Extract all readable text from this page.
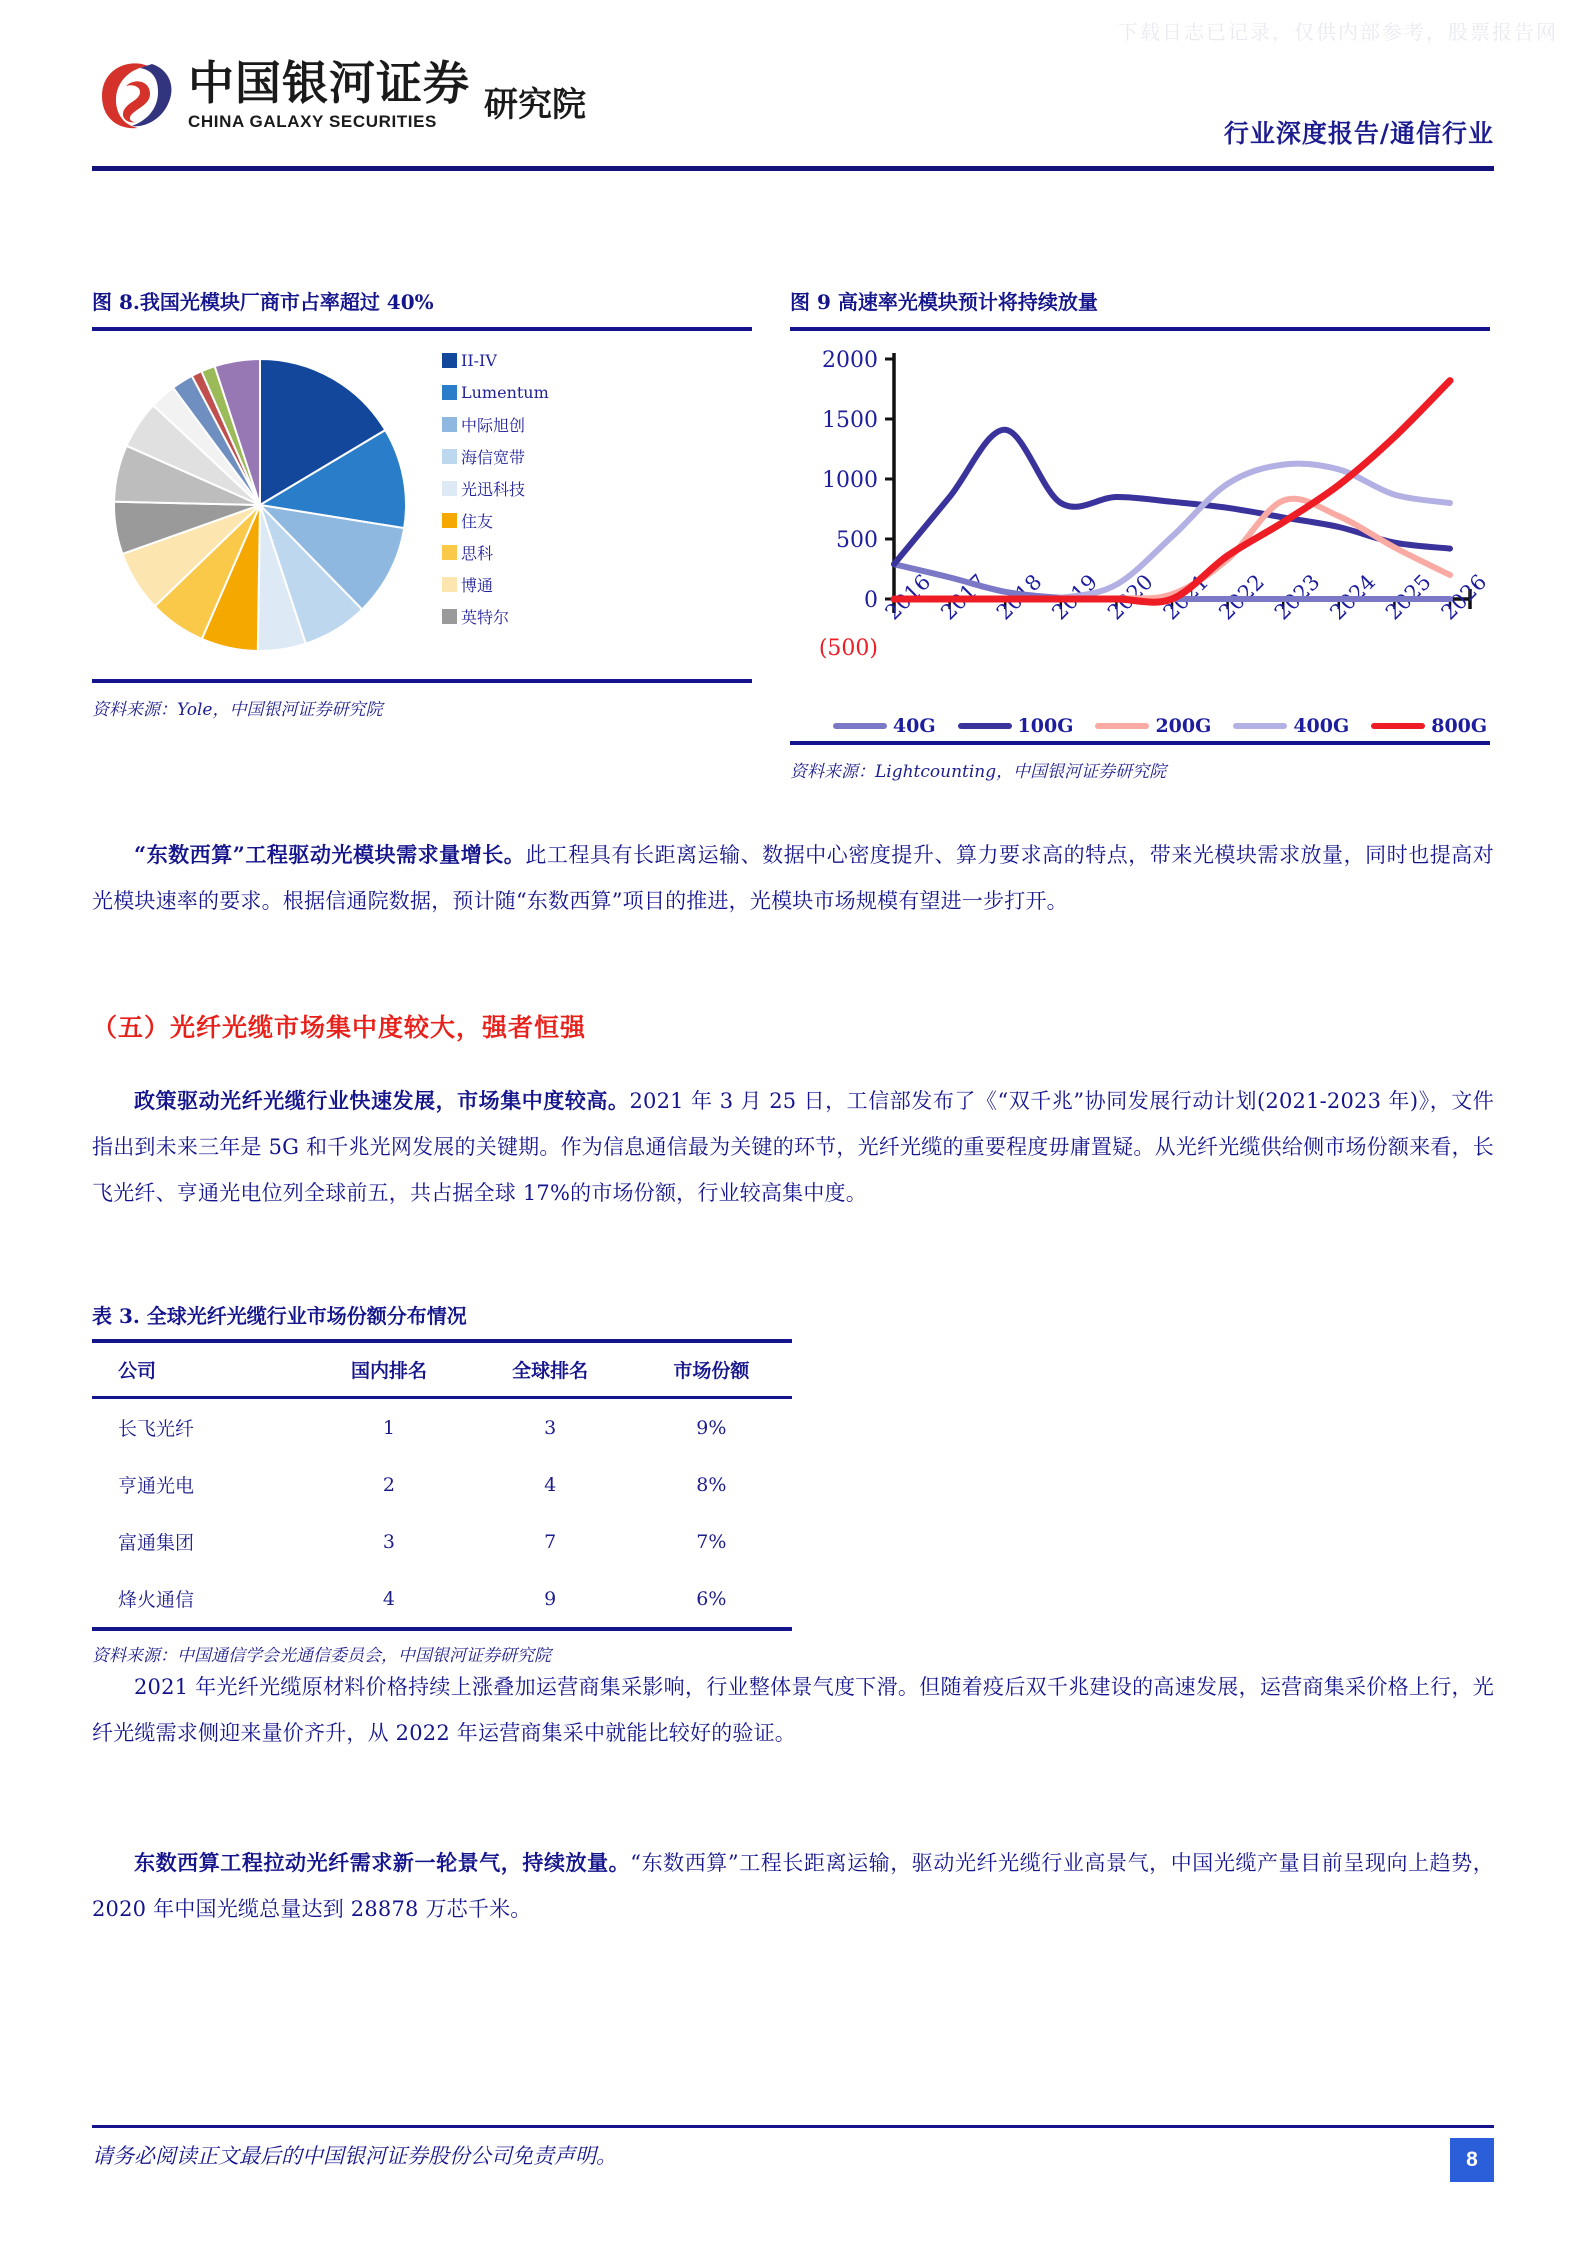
下载日志已记录，仅供内部参考，股票报告网
中国银河证券
CHINA GALAXY SECURITIES	研究院
行业深度报告/通信行业
图 8.我国光模块厂商市占率超过 40%
II-IV
Lumentum
中际旭创
海信宽带
光迅科技
住友
思科
博通
英特尔
资料来源：Yole，中国银河证券研究院
图 9 高速率光模块预计将持续放量
0
500
1000
1500
2000
(500)
2016 2017 2018 2019 2020 2021 2022 2023 2024 2025 2026
40G	100G	200G	400G	800G
资料来源：Lightcounting，中国银河证券研究院
“东数西算”工程驱动光模块需求量增长。此工程具有长距离运输、数据中心密度提升、算力要求高的特点，带来光模块需求放量，同时也提高对光模块速率的要求。根据信通院数据，预计随“东数西算”项目的推进，光模块市场规模有望进一步打开。
（五）光纤光缆市场集中度较大，强者恒强
政策驱动光纤光缆行业快速发展，市场集中度较高。2021 年 3 月 25 日，工信部发布了《“双千兆”协同发展行动计划(2021-2023 年)》，文件指出到未来三年是 5G 和千兆光网发展的关键期。作为信息通信最为关键的环节，光纤光缆的重要程度毋庸置疑。从光纤光缆供给侧市场份额来看，长飞光纤、亨通光电位列全球前五，共占据全球 17%的市场份额，行业较高集中度。
表 3. 全球光纤光缆行业市场份额分布情况
公司	国内排名	全球排名	市场份额
长飞光纤	1	3	9%
亨通光电	2	4	8%
富通集团	3	7	7%
烽火通信	4	9	6%
资料来源：中国通信学会光通信委员会，中国银河证券研究院
2021 年光纤光缆原材料价格持续上涨叠加运营商集采影响，行业整体景气度下滑。但随着疫后双千兆建设的高速发展，运营商集采价格上行，光纤光缆需求侧迎来量价齐升，从 2022 年运营商集采中就能比较好的验证。
东数西算工程拉动光纤需求新一轮景气，持续放量。“东数西算”工程长距离运输，驱动光纤光缆行业高景气，中国光缆产量目前呈现向上趋势，2020 年中国光缆总量达到 28878 万芯千米。
请务必阅读正文最后的中国银河证券股份公司免责声明。	8
